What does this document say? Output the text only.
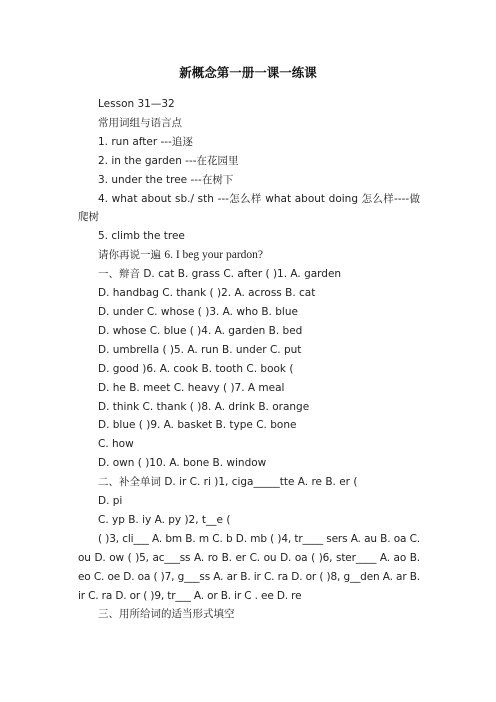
新概念第一册一课一练课

Lesson 31—32

常用词组与语言点

1. run after ---追逐

2. in the garden ---在花园里

3. under the tree ---在树下

4. what about sb./ sth ---怎么样 what about doing 怎么样----做爬树

5. climb the tree

请你再说一遍 6. I beg your pardon?

一、辩音 D. cat B. grass C. after ( )1. A. garden

D. handbag C. thank ( )2. A. across B. cat

D. under C. whose ( )3. A. who B. blue

D. whose C. blue ( )4. A. garden B. bed

D. umbrella ( )5. A. run B. under C. put

D. good )6. A. cook B. tooth C. book (

D. he B. meet C. heavy ( )7. A meal

D. think C. thank ( )8. A. drink B. orange

D. blue ( )9. A. basket B. type C. bone

C. how

D. own ( )10. A. bone B. window

二、补全单词 D. ir C. ri )1, ciga_____tte A. re B. er (

D. pi

C. yp B. iy A. py )2, t__e (

( )3, cli___ A. bm B. m C. b D. mb ( )4, tr____ sers A. au B. oa C. ou D. ow ( )5, ac___ss A. ro B. er C. ou D. oa ( )6, ster____ A. ao B. eo C. oe D. oa ( )7, g___ss A. ar B. ir C. ra D. or ( )8, g__den A. ar B. ir C. ra D. or ( )9, tr___ A. or B. ir C . ee D. re

三、用所给词的适当形式填空
